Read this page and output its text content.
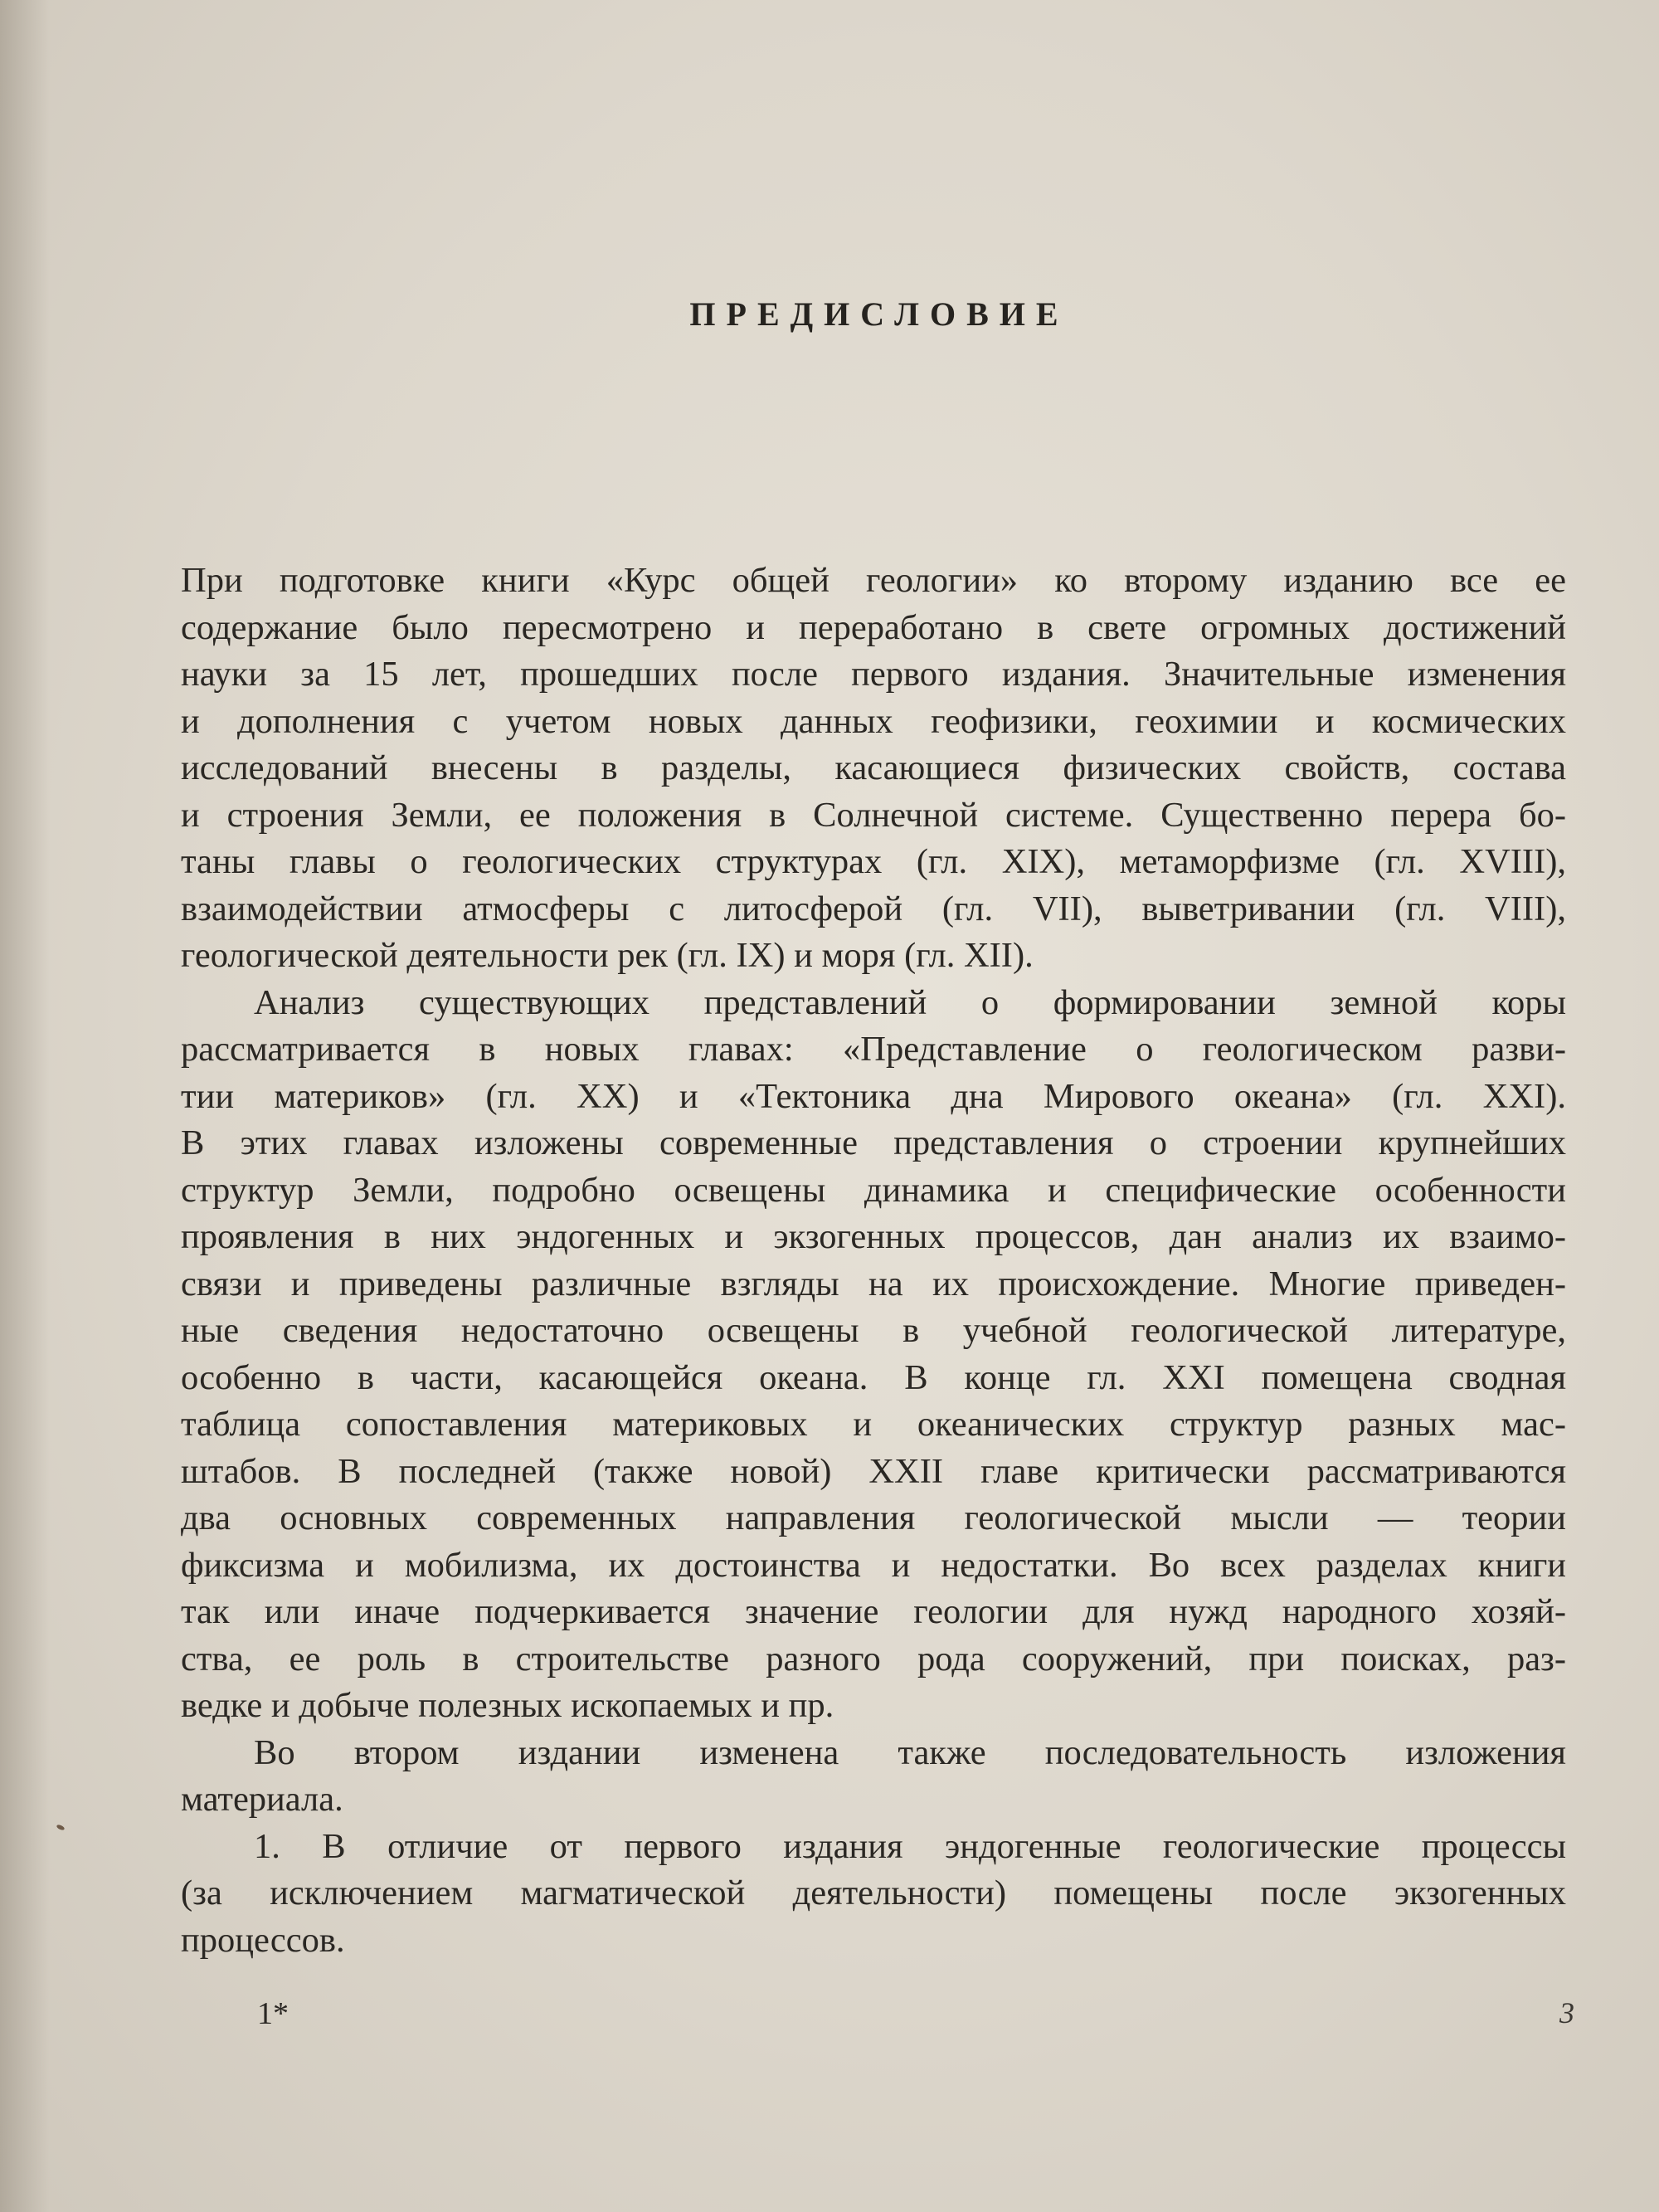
ПРЕДИСЛОВИЕ
При подготовке книги «Курс общей геологии» ко второму изданию все ее
содержание было пересмотрено и переработано в свете огромных достижений
науки за 15 лет, прошедших после первого издания. Значительные изменения
и дополнения с учетом новых данных геофизики, геохимии и космических
исследований внесены в разделы, касающиеся физических свойств, состава
и строения Земли, ее положения в Солнечной системе. Существенно перера бо-
таны главы о геологических структурах (гл. XIX), метаморфизме (гл. XVIII),
взаимодействии атмосферы с литосферой (гл. VII), выветривании (гл. VIII),
геологической деятельности рек (гл. IX) и моря (гл. XII).
Анализ существующих представлений о формировании земной коры
рассматривается в новых главах: «Представление о геологическом разви-
тии материков» (гл. XX) и «Тектоника дна Мирового океана» (гл. XXI).
В этих главах изложены современные представления о строении крупнейших
структур Земли, подробно освещены динамика и специфические особенности
проявления в них эндогенных и экзогенных процессов, дан анализ их взаимо-
связи и приведены различные взгляды на их происхождение. Многие приведен-
ные сведения недостаточно освещены в учебной геологической литературе,
особенно в части, касающейся океана. В конце гл. XXI помещена сводная
таблица сопоставления материковых и океанических структур разных мас-
штабов. В последней (также новой) XXII главе критически рассматриваются
два основных современных направления геологической мысли — теории
фиксизма и мобилизма, их достоинства и недостатки. Во всех разделах книги
так или иначе подчеркивается значение геологии для нужд народного хозяй-
ства, ее роль в строительстве разного рода сооружений, при поисках, раз-
ведке и добыче полезных ископаемых и пр.
Во втором издании изменена также последовательность изложения
материала.
1. В отличие от первого издания эндогенные геологические процессы
(за исключением магматической деятельности) помещены после экзогенных
процессов.
1*	3
